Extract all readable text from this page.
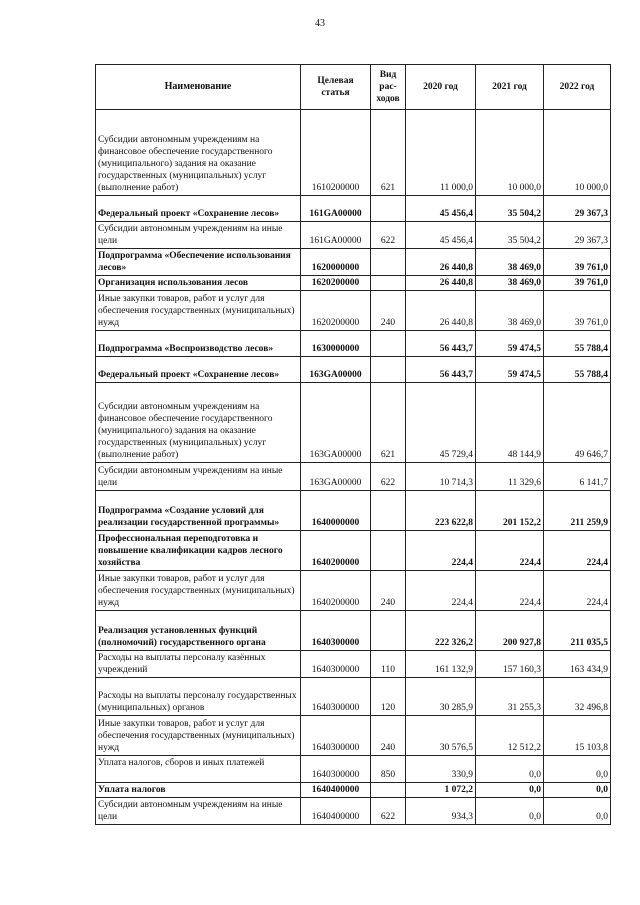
43
Наименование	Целевая статья	Вид рас-ходов	2020 год	2021 год	2022 год
Субсидии автономным учреждениям на финансовое обеспечение государственного (муниципального) задания на оказание государственных (муниципальных) услуг (выполнение работ)	1610200000	621	11 000,0	10 000,0	10 000,0
Федеральный проект «Сохранение лесов»	161GA00000		45 456,4	35 504,2	29 367,3
Субсидии автономным учреждениям на иные цели	161GA00000	622	45 456,4	35 504,2	29 367,3
Подпрограмма «Обеспечение использования лесов»	1620000000		26 440,8	38 469,0	39 761,0
Организация использования лесов	1620200000		26 440,8	38 469,0	39 761,0
Иные закупки товаров, работ и услуг для обеспечения государственных (муниципальных) нужд	1620200000	240	26 440,8	38 469,0	39 761,0
Подпрограмма «Воспроизводство лесов»	1630000000		56 443,7	59 474,5	55 788,4
Федеральный проект «Сохранение лесов»	163GA00000		56 443,7	59 474,5	55 788,4
Субсидии автономным учреждениям на финансовое обеспечение государственного (муниципального) задания на оказание государственных (муниципальных) услуг (выполнение работ)	163GA00000	621	45 729,4	48 144,9	49 646,7
Субсидии автономным учреждениям на иные цели	163GA00000	622	10 714,3	11 329,6	6 141,7
Подпрограмма «Создание условий для реализации государственной программы»	1640000000		223 622,8	201 152,2	211 259,9
Профессиональная переподготовка и повышение квалификации кадров лесного хозяйства	1640200000		224,4	224,4	224,4
Иные закупки товаров, работ и услуг для обеспечения государственных (муниципальных) нужд	1640200000	240	224,4	224,4	224,4
Реализация установленных функций (полномочий) государственного органа	1640300000		222 326,2	200 927,8	211 035,5
Расходы на выплаты персоналу казённых учреждений	1640300000	110	161 132,9	157 160,3	163 434,9
Расходы на выплаты персоналу государственных (муниципальных) органов	1640300000	120	30 285,9	31 255,3	32 496,8
Иные закупки товаров, работ и услуг для обеспечения государственных (муниципальных) нужд	1640300000	240	30 576,5	12 512,2	15 103,8
Уплата налогов, сборов и иных платежей	1640300000	850	330,9	0,0	0,0
Уплата налогов	1640400000		1 072,2	0,0	0,0
Субсидии автономным учреждениям на иные цели	1640400000	622	934,3	0,0	0,0
